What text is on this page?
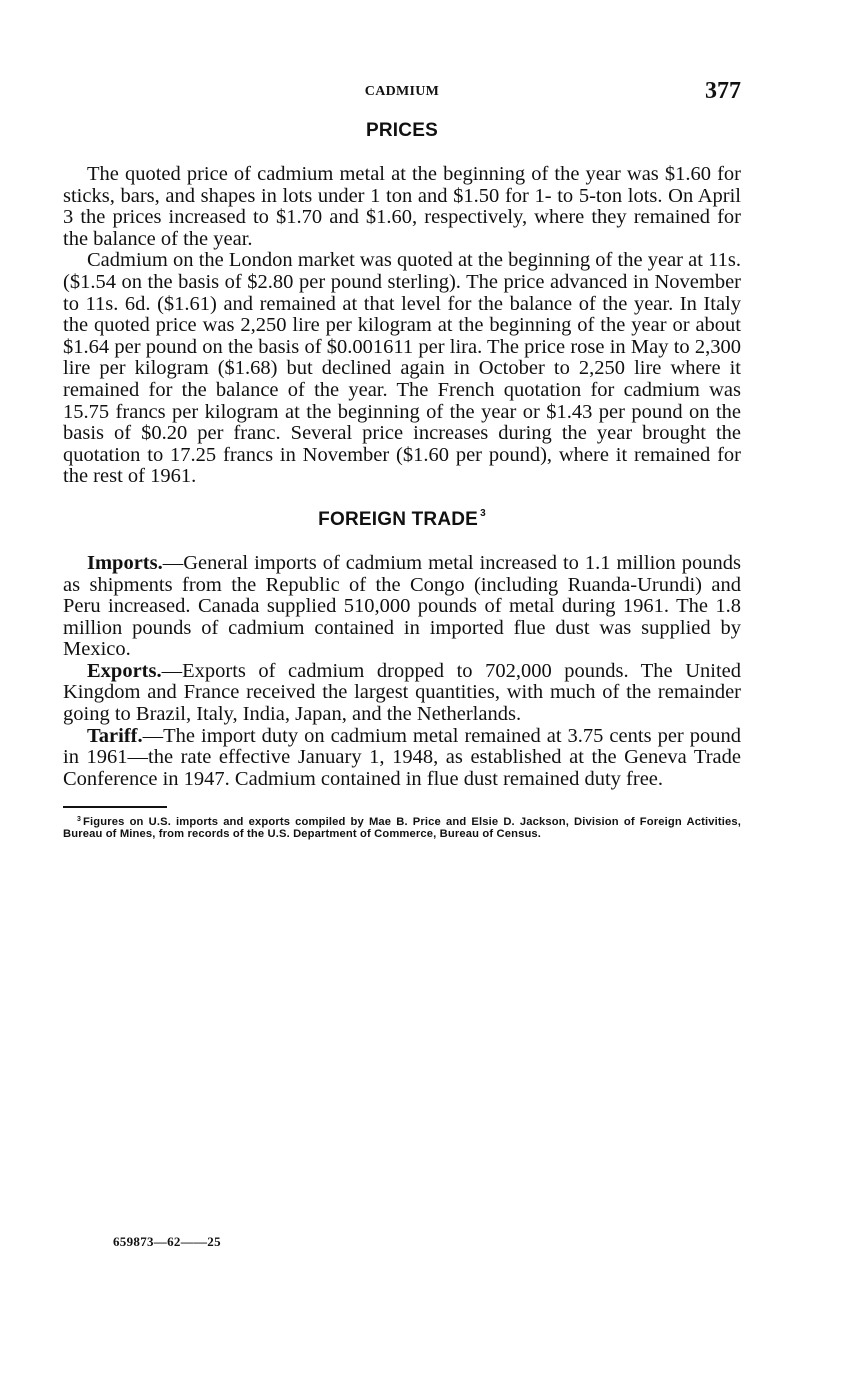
CADMIUM	377
PRICES

The quoted price of cadmium metal at the beginning of the year was $1.60 for sticks, bars, and shapes in lots under 1 ton and $1.50 for 1- to 5-ton lots. On April 3 the prices increased to $1.70 and $1.60, respectively, where they remained for the balance of the year.

Cadmium on the London market was quoted at the beginning of the year at 11s. ($1.54 on the basis of $2.80 per pound sterling). The price advanced in November to 11s. 6d. ($1.61) and remained at that level for the balance of the year. In Italy the quoted price was 2,250 lire per kilogram at the beginning of the year or about $1.64 per pound on the basis of $0.001611 per lira. The price rose in May to 2,300 lire per kilogram ($1.68) but declined again in October to 2,250 lire where it remained for the balance of the year. The French quotation for cadmium was 15.75 francs per kilogram at the beginning of the year or $1.43 per pound on the basis of $0.20 per franc. Several price increases during the year brought the quotation to 17.25 francs in November ($1.60 per pound), where it remained for the rest of 1961.

FOREIGN TRADE $^3$

Imports.—General imports of cadmium metal increased to 1.1 million pounds as shipments from the Republic of the Congo (including Ruanda-Urundi) and Peru increased. Canada supplied 510,000 pounds of metal during 1961. The 1.8 million pounds of cadmium contained in imported flue dust was supplied by Mexico.

Exports.—Exports of cadmium dropped to 702,000 pounds. The United Kingdom and France received the largest quantities, with much of the remainder going to Brazil, Italy, India, Japan, and the Netherlands.

Tariff.—The import duty on cadmium metal remained at 3.75 cents per pound in 1961—the rate effective January 1, 1948, as established at the Geneva Trade Conference in 1947. Cadmium contained in flue dust remained duty free.

$^3$ Figures on U.S. imports and exports compiled by Mae B. Price and Elsie D. Jackson, Division of Foreign Activities, Bureau of Mines, from records of the U.S. Department of Commerce, Bureau of Census.

659873—62——25
